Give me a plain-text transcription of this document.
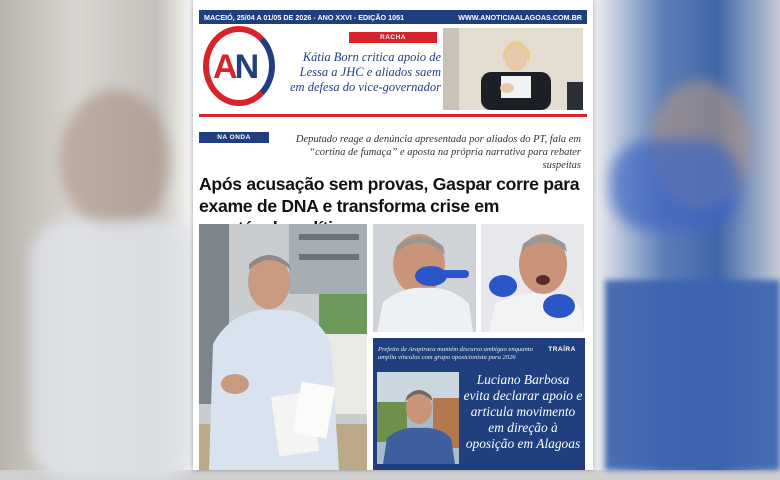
MACEIÓ, 25/04 A 01/05 DE 2026 - ANO XXVI - EDIÇÃO 1051	WWW.ANOTICIAALAGOAS.COM.BR
AN
RACHA
Kátia Born critica apoio de Lessa a JHC e aliados saem em defesa do vice-governador
NA ONDA	Deputado reage a denúncia apresentada por aliados do PT, fala em “cortina de fumaça” e aposta na própria narrativa para rebater suspeitas
Após acusação sem provas, Gaspar corre para exame de DNA e transforma crise em
Prefeito de Arapiraca mantém discurso ambíguo enquanto amplia vínculos com grupo oposicionista para 2026
TRAÍRA
Luciano Barbosa evita declarar apoio e articula movimento em direção à oposição em Alagoas
